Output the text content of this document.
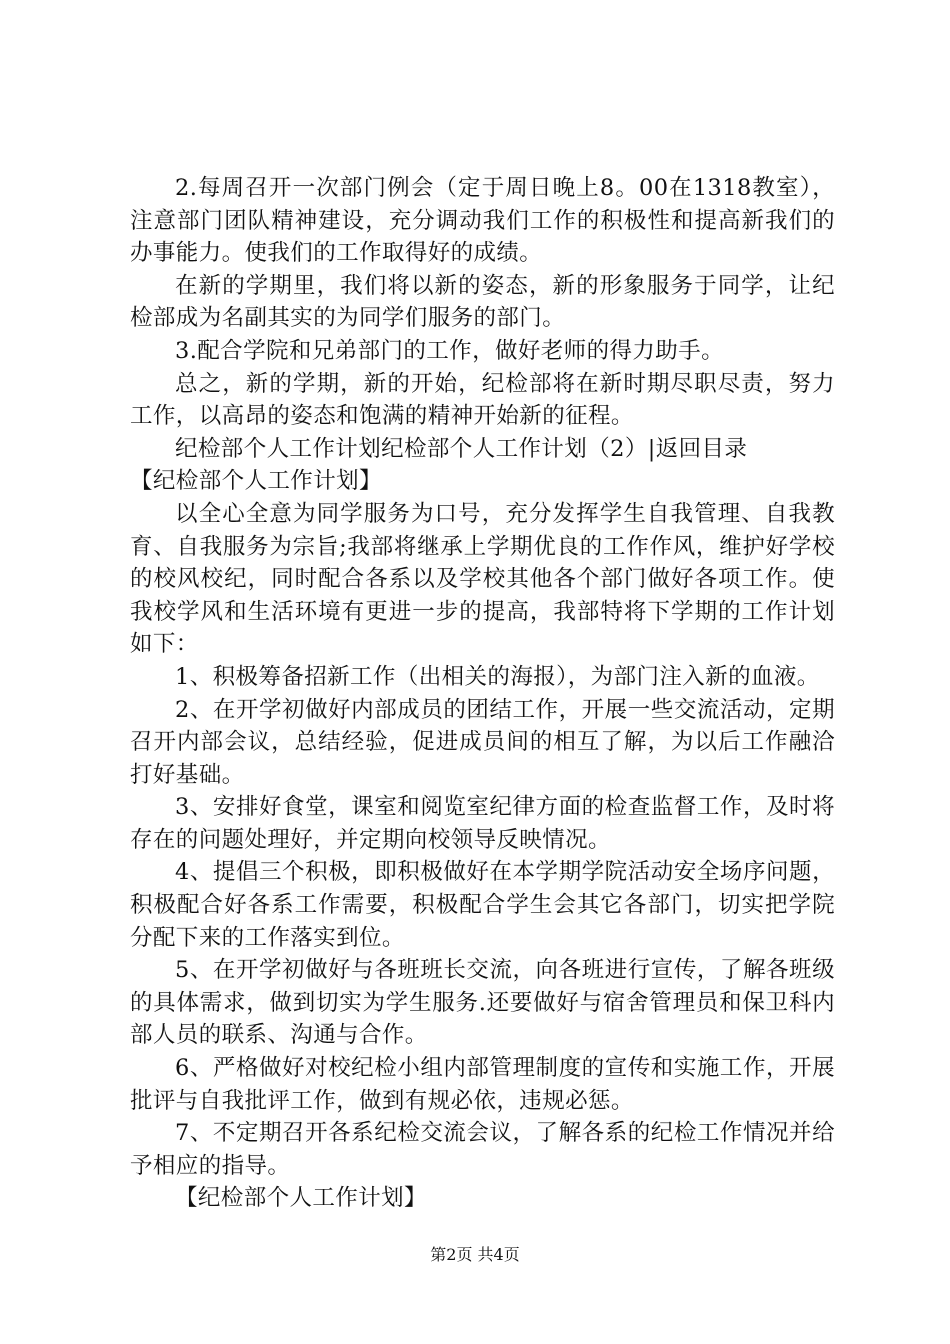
2.每周召开一次部门例会（定于周日晚上8。00在1318教室），注意部门团队精神建设，充分调动我们工作的积极性和提高新我们的办事能力。使我们的工作取得好的成绩。

在新的学期里，我们将以新的姿态，新的形象服务于同学，让纪检部成为名副其实的为同学们服务的部门。

3.配合学院和兄弟部门的工作，做好老师的得力助手。

总之，新的学期，新的开始，纪检部将在新时期尽职尽责，努力工作，以高昂的姿态和饱满的精神开始新的征程。

纪检部个人工作计划纪检部个人工作计划（2）|返回目录

【纪检部个人工作计划】

以全心全意为同学服务为口号，充分发挥学生自我管理、自我教育、自我服务为宗旨;我部将继承上学期优良的工作作风，维护好学校的校风校纪，同时配合各系以及学校其他各个部门做好各项工作。使我校学风和生活环境有更进一步的提高，我部特将下学期的工作计划如下：

1、积极筹备招新工作（出相关的海报），为部门注入新的血液。

2、在开学初做好内部成员的团结工作，开展一些交流活动，定期召开内部会议，总结经验，促进成员间的相互了解，为以后工作融洽打好基础。

3、安排好食堂，课室和阅览室纪律方面的检查监督工作，及时将存在的问题处理好，并定期向校领导反映情况。

4、提倡三个积极，即积极做好在本学期学院活动安全场序问题，积极配合好各系工作需要，积极配合学生会其它各部门，切实把学院分配下来的工作落实到位。

5、在开学初做好与各班班长交流，向各班进行宣传，了解各班级的具体需求，做到切实为学生服务.还要做好与宿舍管理员和保卫科内部人员的联系、沟通与合作。

6、严格做好对校纪检小组内部管理制度的宣传和实施工作，开展批评与自我批评工作，做到有规必依，违规必惩。

7、不定期召开各系纪检交流会议，了解各系的纪检工作情况并给予相应的指导。

【纪检部个人工作计划】

第2页 共4页
